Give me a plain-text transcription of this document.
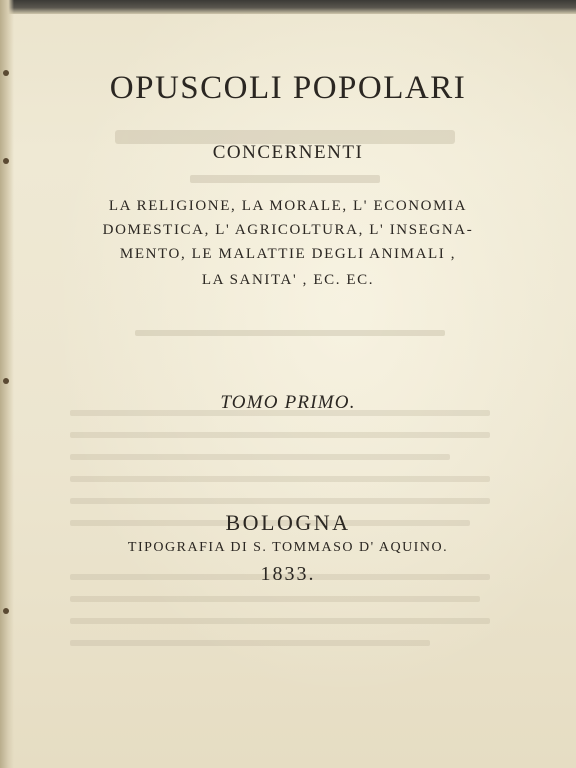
OPUSCOLI POPOLARI
CONCERNENTI
LA RELIGIONE, LA MORALE, L' ECONOMIA
DOMESTICA, L' AGRICOLTURA, L' INSEGNA-
MENTO, LE MALATTIE DEGLI ANIMALI ,
LA SANITA' , EC. EC.
TOMO PRIMO.
BOLOGNA
TIPOGRAFIA DI S. TOMMASO D' AQUINO.
1833.
